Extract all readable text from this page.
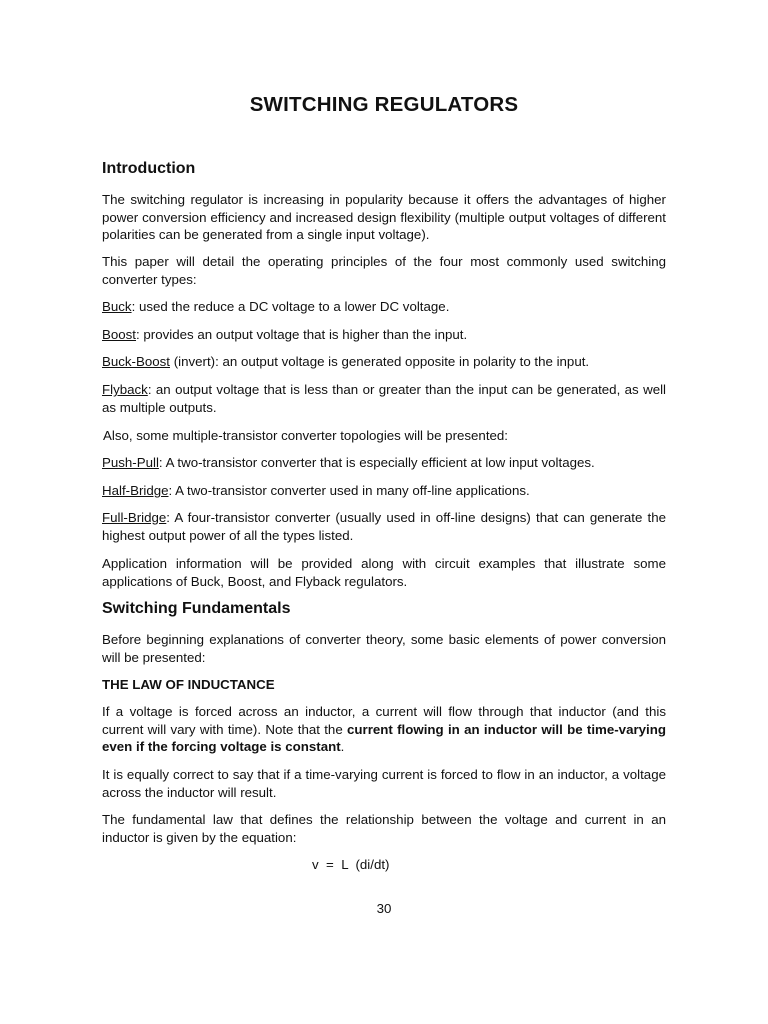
SWITCHING REGULATORS
Introduction
The switching regulator is increasing in popularity because it offers the advantages of higher power conversion efficiency and increased design flexibility (multiple output voltages of different polarities can be generated from a single input voltage).
This paper will detail the operating principles of the four most commonly used switching converter types:
Buck: used the reduce a DC voltage to a lower DC voltage.
Boost: provides an output voltage that is higher than the input.
Buck-Boost (invert): an output voltage is generated opposite in polarity to the input.
Flyback: an output voltage that is less than or greater than the input can be generated, as well as multiple outputs.
Also, some multiple-transistor converter topologies will be presented:
Push-Pull: A two-transistor converter that is especially efficient at low input voltages.
Half-Bridge: A two-transistor converter used in many off-line applications.
Full-Bridge: A four-transistor converter (usually used in off-line designs) that can generate the highest output power of all the types listed.
Application information will be provided along with circuit examples that illustrate some applications of Buck, Boost, and Flyback regulators.
Switching Fundamentals
Before beginning explanations of converter theory, some basic elements of power conversion will be presented:
THE LAW OF INDUCTANCE
If a voltage is forced across an inductor, a current will flow through that inductor (and this current will vary with time). Note that the current flowing in an inductor will be time-varying even if the forcing voltage is constant.
It is equally correct to say that if a time-varying current is forced to flow in an inductor, a voltage across the inductor will result.
The fundamental law that defines the relationship between the voltage and current in an inductor is given by the equation:
v  =  L  (di/dt)
30
